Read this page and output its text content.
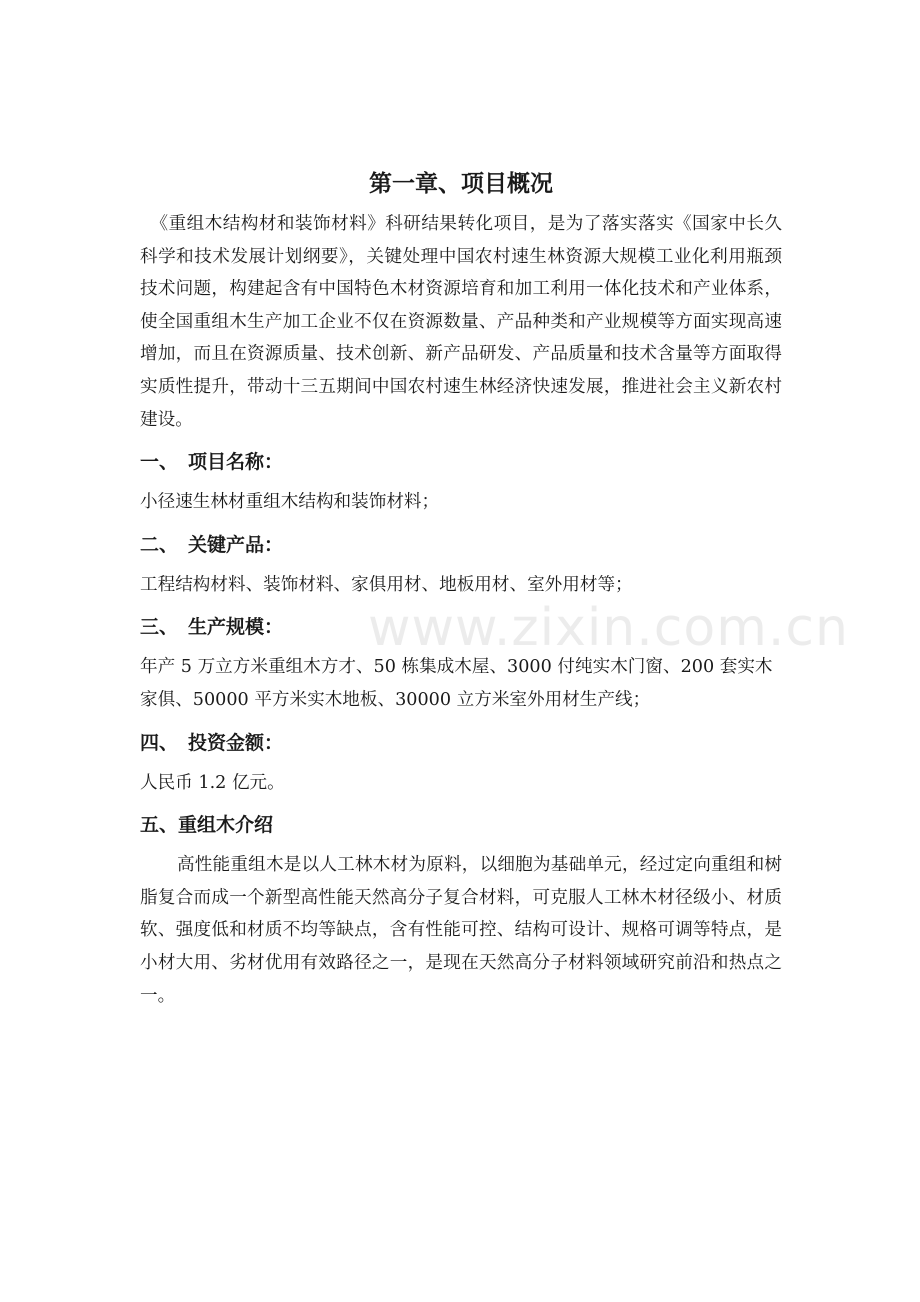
www.zixin.com.cn
第一章、项目概况

《重组木结构材和装饰材料》科研结果转化项目，是为了落实落实《国家中长久科学和技术发展计划纲要》，关键处理中国农村速生林资源大规模工业化利用瓶颈技术问题，构建起含有中国特色木材资源培育和加工利用一体化技术和产业体系，使全国重组木生产加工企业不仅在资源数量、产品种类和产业规模等方面实现高速增加，而且在资源质量、技术创新、新产品研发、产品质量和技术含量等方面取得实质性提升，带动十三五期间中国农村速生林经济快速发展，推进社会主义新农村建设。

一、 项目名称：

小径速生林材重组木结构和装饰材料；

二、 关键产品：

工程结构材料、装饰材料、家俱用材、地板用材、室外用材等；

三、 生产规模：

年产 5 万立方米重组木方才、50 栋集成木屋、3000 付纯实木门窗、200 套实木家俱、50000 平方米实木地板、30000 立方米室外用材生产线；

四、 投资金额：

人民币 1.2 亿元。

五、重组木介绍

高性能重组木是以人工林木材为原料，以细胞为基础单元，经过定向重组和树脂复合而成一个新型高性能天然高分子复合材料，可克服人工林木材径级小、材质软、强度低和材质不均等缺点，含有性能可控、结构可设计、规格可调等特点，是小材大用、劣材优用有效路径之一，是现在天然高分子材料领域研究前沿和热点之一。
